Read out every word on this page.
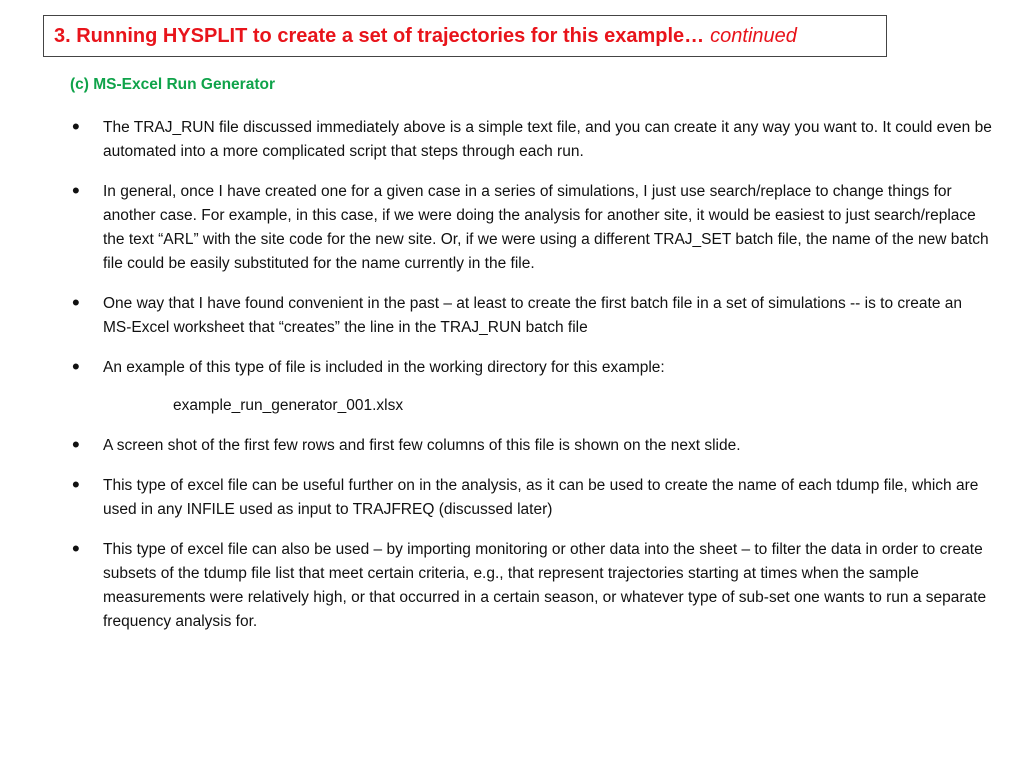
3. Running HYSPLIT to create a set of trajectories for this example… continued
(c) MS-Excel Run Generator
• The TRAJ_RUN file discussed immediately above is a simple text file, and you can create it any way you want to. It could even be automated into a more complicated script that steps through each run.
• In general, once I have created one for a given case in a series of simulations, I just use search/replace to change things for another case. For example, in this case, if we were doing the analysis for another site, it would be easiest to just search/replace the text “ARL” with the site code for the new site. Or, if we were using a different TRAJ_SET batch file, the name of the new batch file could be easily substituted for the name currently in the file.
• One way that I have found convenient in the past – at least to create the first batch file in a set of simulations -- is to create an MS-Excel worksheet that “creates” the line in the TRAJ_RUN batch file
• An example of this type of file is included in the working directory for this example:
example_run_generator_001.xlsx
• A screen shot of the first few rows and first few columns of this file is shown on the next slide.
• This type of excel file can be useful further on in the analysis, as it can be used to create the name of each tdump file, which are used in any INFILE used as input to TRAJFREQ (discussed later)
• This type of excel file can also be used – by importing monitoring or other data into the sheet – to filter the data in order to create subsets of the tdump file list that meet certain criteria, e.g., that represent trajectories starting at times when the sample measurements were relatively high, or that occurred in a certain season, or whatever type of sub-set one wants to run a separate frequency analysis for.
